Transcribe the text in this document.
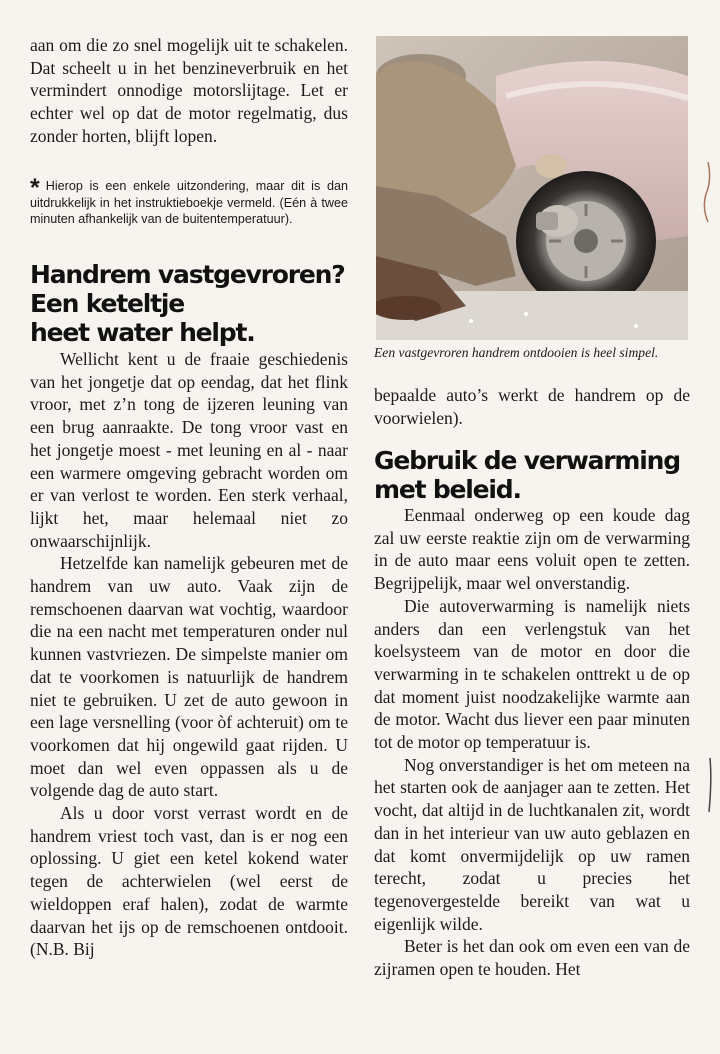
aan om die zo snel mogelijk uit te schakelen. Dat scheelt u in het benzineverbruik en het vermindert onnodige motorslijtage. Let er echter wel op dat de motor regelmatig, dus zonder horten, blijft lopen.

* Hierop is een enkele uitzondering, maar dit is dan uitdrukkelijk in het instruktieboekje vermeld. (Eén à twee minuten afhankelijk van de buitentemperatuur).
Handrem vastgevroren?
Een keteltje
heet water helpt.

Wellicht kent u de fraaie geschiedenis van het jongetje dat op eendag, dat het flink vroor, met z’n tong de ijzeren leuning van een brug aanraakte. De tong vroor vast en het jongetje moest - met leuning en al - naar een warmere omgeving gebracht worden om er van verlost te worden. Een sterk verhaal, lijkt het, maar helemaal niet zo onwaarschijnlijk.

Hetzelfde kan namelijk gebeuren met de handrem van uw auto. Vaak zijn de remschoenen daarvan wat vochtig, waardoor die na een nacht met temperaturen onder nul kunnen vastvriezen. De simpelste manier om dat te voorkomen is natuurlijk de handrem niet te gebruiken. U zet de auto gewoon in een lage versnelling (voor òf achteruit) om te voorkomen dat hij ongewild gaat rijden. U moet dan wel even oppassen als u de volgende dag de auto start.

Als u door vorst verrast wordt en de handrem vriest toch vast, dan is er nog een oplossing. U giet een ketel kokend water tegen de achterwielen (wel eerst de wieldoppen eraf halen), zodat de warmte daarvan het ijs op de remschoenen ontdooit. (N.B. Bij

Een vastgevroren handrem ontdooien is heel simpel.

bepaalde auto’s werkt de handrem op de voorwielen).

Gebruik de verwarming
met beleid.

Eenmaal onderweg op een koude dag zal uw eerste reaktie zijn om de verwarming in de auto maar eens voluit open te zetten. Begrijpelijk, maar wel onverstandig.

Die autoverwarming is namelijk niets anders dan een verlengstuk van het koelsysteem van de motor en door die verwarming in te schakelen onttrekt u de op dat moment juist noodzakelijke warmte aan de motor. Wacht dus liever een paar minuten tot de motor op temperatuur is.

Nog onverstandiger is het om meteen na het starten ook de aanjager aan te zetten. Het vocht, dat altijd in de luchtkanalen zit, wordt dan in het interieur van uw auto geblazen en dat komt onvermijdelijk op uw ramen terecht, zodat u precies het tegenovergestelde bereikt van wat u eigenlijk wilde.

Beter is het dan ook om even een van de zijramen open te houden. Het
